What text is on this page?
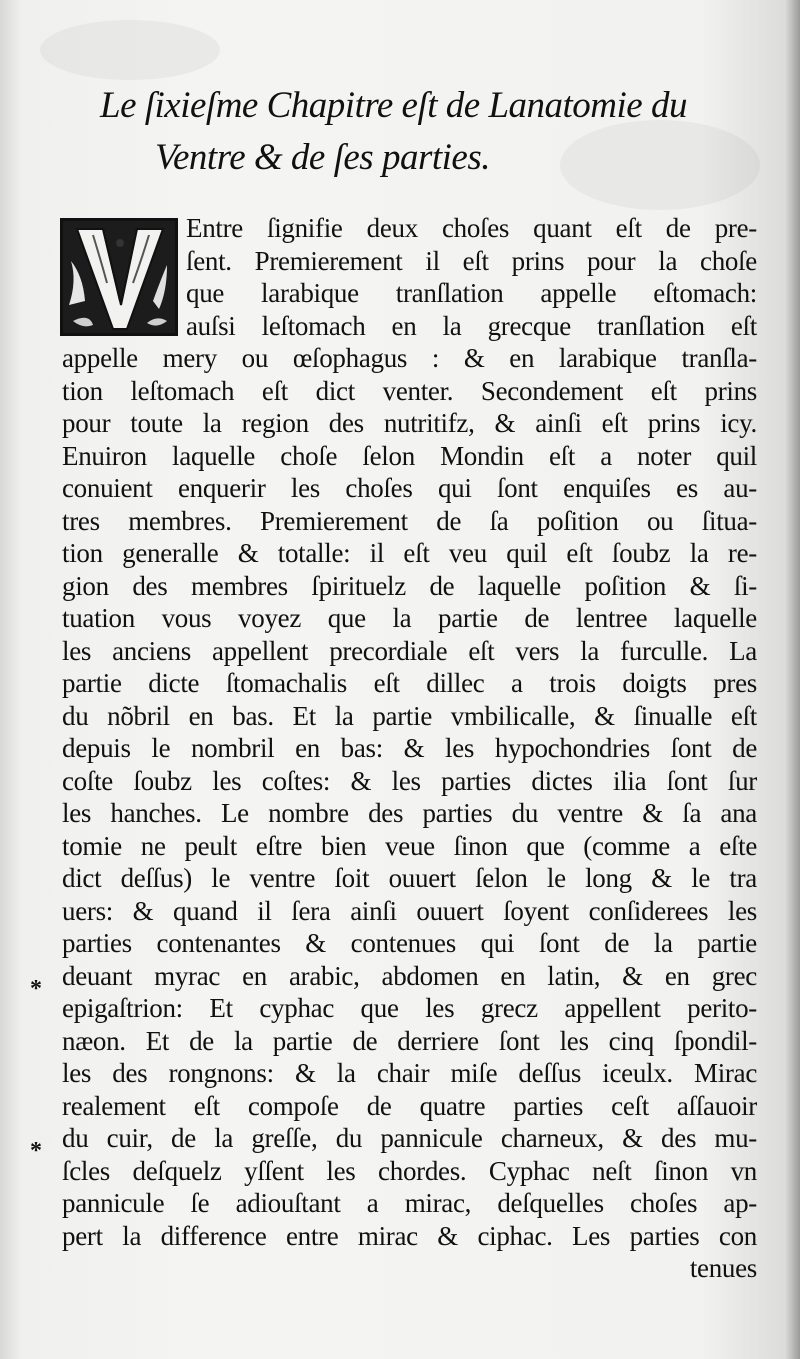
Le ſixieſme Chapitre eſt de Lanatomie du
Ventre & de ſes parties.
*
*
Entre ſignifie deux choſes quant eſt de pre-
ſent. Premierement il eſt prins pour la choſe
que larabique tranſlation appelle eſtomach:
auſsi leſtomach en la grecque tranſlation eſt
appelle mery ou œſophagus : & en larabique tranſla-
tion leſtomach eſt dict venter. Secondement eſt prins
pour toute la region des nutritifz, & ainſi eſt prins icy.
Enuiron laquelle choſe ſelon Mondin eſt a noter quil
conuient enquerir les choſes qui ſont enquiſes es au-
tres membres. Premierement de ſa poſition ou ſitua-
tion generalle & totalle: il eſt veu quil eſt ſoubz la re-
gion des membres ſpirituelz de laquelle poſition & ſi-
tuation vous voyez que la partie de lentree laquelle
les anciens appellent precordiale eſt vers la furculle. La
partie dicte ſtomachalis eſt dillec a trois doigts pres
du nõbril en bas. Et la partie vmbilicalle, & ſinualle eſt
depuis le nombril en bas: & les hypochondries ſont de
coſte ſoubz les coſtes: & les parties dictes ilia ſont ſur
les hanches. Le nombre des parties du ventre & ſa ana
tomie ne peult eſtre bien veue ſinon que (comme a eſte
dict deſſus) le ventre ſoit ouuert ſelon le long & le tra
uers: & quand il ſera ainſi ouuert ſoyent conſiderees les
parties contenantes & contenues qui ſont de la partie
deuant myrac en arabic, abdomen en latin, & en grec
epigaſtrion: Et cyphac que les grecz appellent perito-
næon. Et de la partie de derriere ſont les cinq ſpondil-
les des rongnons: & la chair miſe deſſus iceulx. Mirac
realement eſt compoſe de quatre parties ceſt aſſauoir
du cuir, de la greſſe, du pannicule charneux, & des mu-
ſcles deſquelz yſſent les chordes. Cyphac neſt ſinon vn
pannicule ſe adiouſtant a mirac, deſquelles choſes ap-
pert la difference entre mirac & ciphac. Les parties con
tenues
